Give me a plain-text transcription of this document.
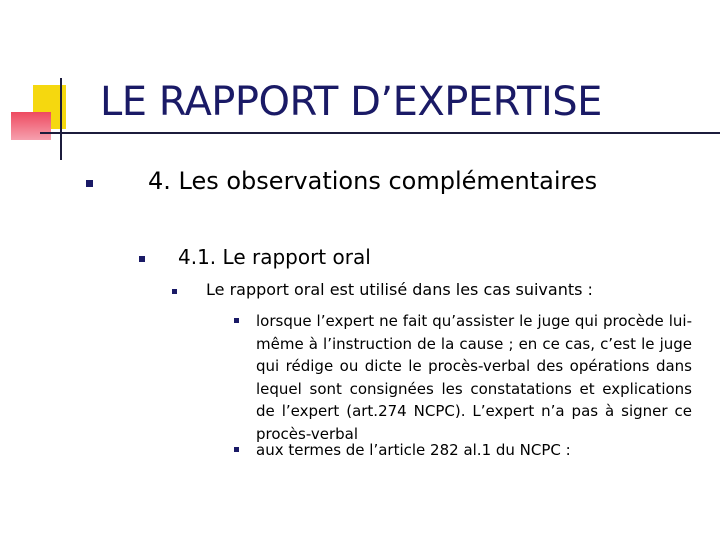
LE RAPPORT D’EXPERTISE
4. Les observations complémentaires
4.1. Le rapport oral
Le rapport oral est utilisé dans les cas suivants :
lorsque l’expert ne fait qu’assister le juge qui procède lui-même à l’instruction de la cause ; en ce cas, c’est le juge qui rédige ou dicte le procès-verbal des opérations dans lequel sont consignées les constatations et explications de l’expert (art.274 NCPC). L’expert n’a pas à signer ce procès-verbal
aux termes de l’article 282 al.1 du NCPC :
